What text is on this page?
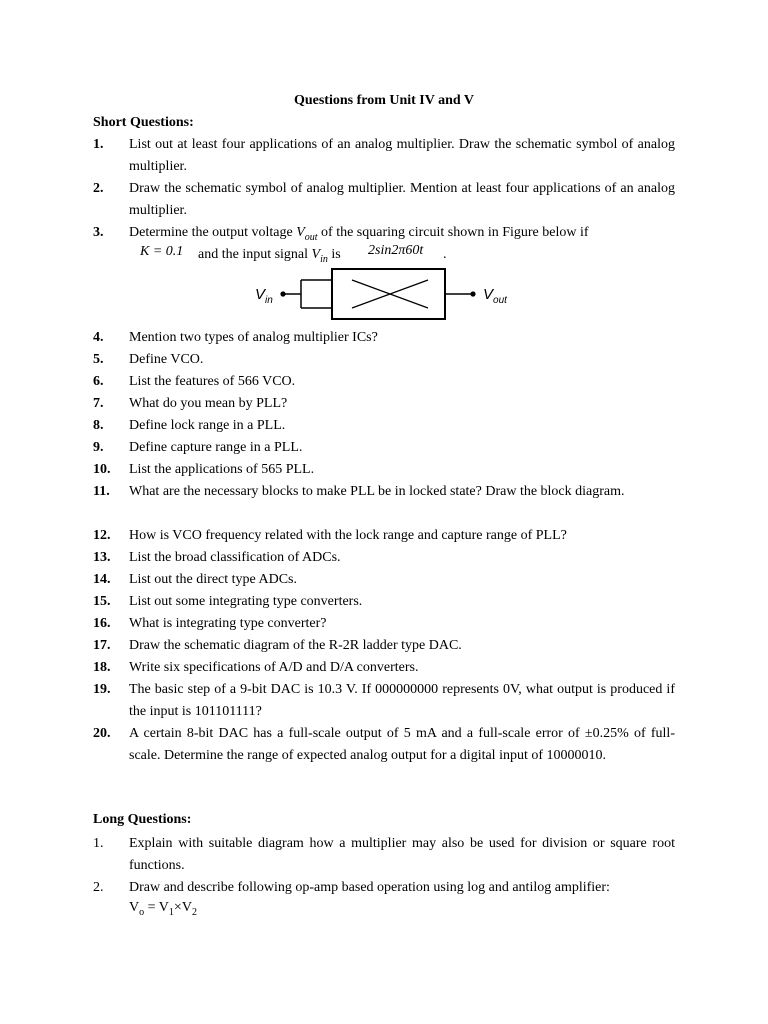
Questions from Unit IV and V
Short Questions:
1.	List out at least four applications of an analog multiplier. Draw the schematic symbol of analog multiplier.
2.	Draw the schematic symbol of analog multiplier. Mention at least four applications of an analog multiplier.
3.	Determine the output voltage $V_{out}$ of the squaring circuit shown in Figure below if
K = 0.1 and the input signal $V_{in}$ is 2sin2π60t .
$V_{in}$	$V_{out}$
4.	Mention two types of analog multiplier ICs?
5.	Define VCO.
6.	List the features of 566 VCO.
7.	What do you mean by PLL?
8.	Define lock range in a PLL.
9.	Define capture range in a PLL.
10.	List the applications of 565 PLL.
11.	What are the necessary blocks to make PLL be in locked state? Draw the block diagram.
12.	How is VCO frequency related with the lock range and capture range of PLL?
13.	List the broad classification of ADCs.
14.	List out the direct type ADCs.
15.	List out some integrating type converters.
16.	What is integrating type converter?
17.	Draw the schematic diagram of the R-2R ladder type DAC.
18.	Write six specifications of A/D and D/A converters.
19.	The basic step of a 9-bit DAC is 10.3 V. If 000000000 represents 0V, what output is produced if the input is 101101111?
20.	A certain 8-bit DAC has a full-scale output of 5 mA and a full-scale error of ±0.25% of full-scale. Determine the range of expected analog output for a digital input of 10000010.
Long Questions:
1.	Explain with suitable diagram how a multiplier may also be used for division or square root functions.
2.	Draw and describe following op-amp based operation using log and antilog amplifier:
$V_o = V_1\times V_2$
